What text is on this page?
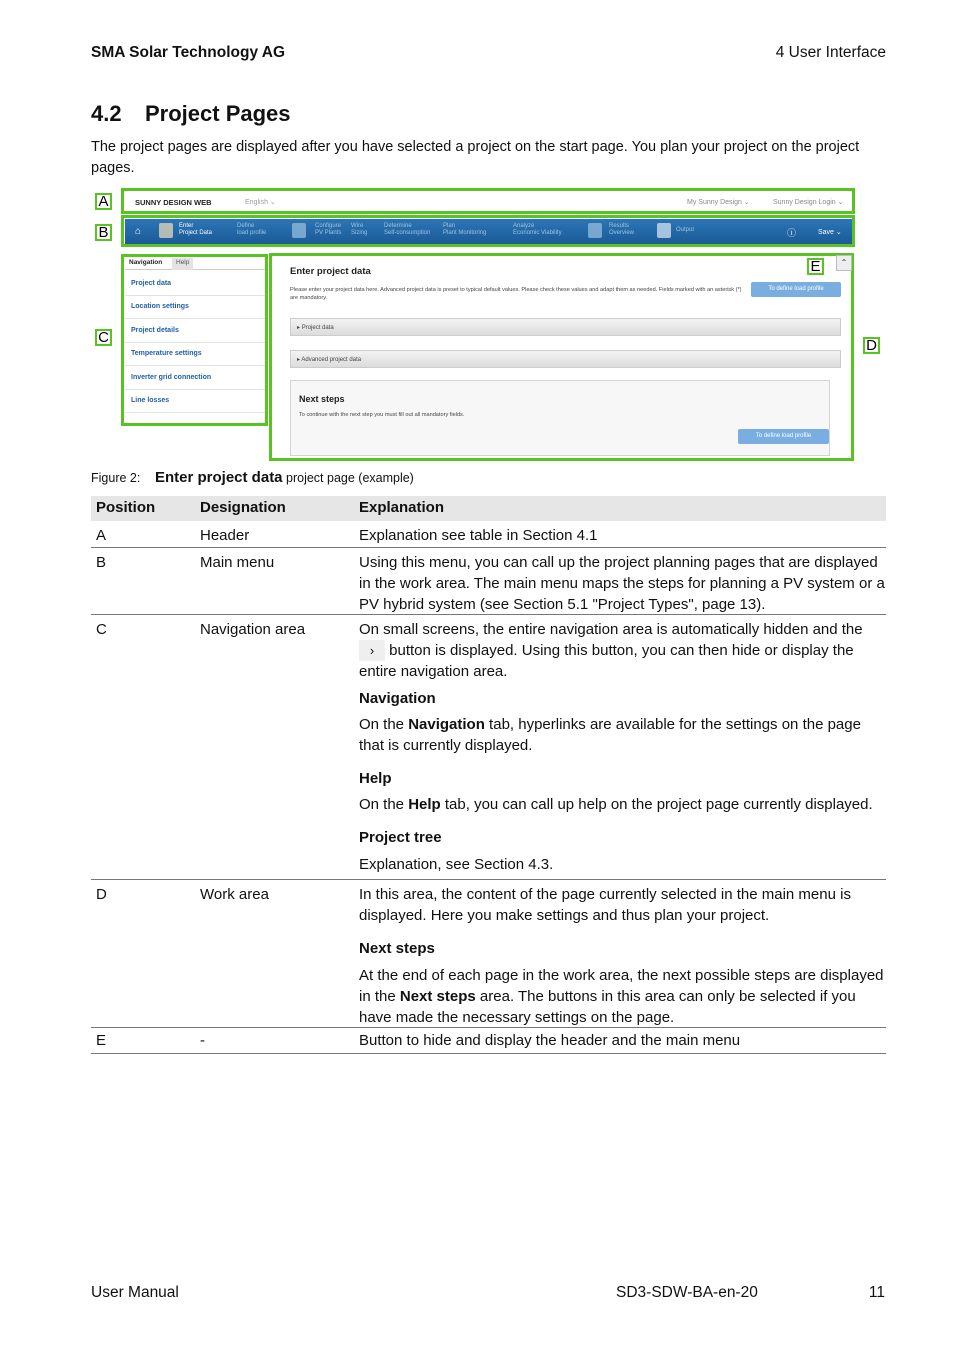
SMA Solar Technology AG	4 User Interface
4.2 Project Pages
The project pages are displayed after you have selected a project on the start page. You plan your project on the project pages.
SUNNY DESIGN WEB	English ⌄	My Sunny Design ⌄	Sunny Design Login ⌄
A
⌂	Enter
Project Data
Define
load profile
Configure
PV Plants
Wire
Sizing
Determine
Self-consumption
Plan
Plant Monitoring
Analyze
Economic Viability
Results
Overview	Output	ⓘ	Save ⌄
B
Navigation	Help
Project data
Location settings
Project details
Temperature settings
Inverter grid connection
Line losses
C
Enter project data
Please enter your project data here. Advanced project data is preset to typical default values. Please check these values and adapt them as needed. Fields marked with an asterisk (*) are mandatory.
To define load profile
▸ Project data
▸ Advanced project data
Next steps
To continue with the next step you must fill out all mandatory fields.
To define load profile
D
⌃
E
Figure 2: Enter project data project page (example)
Position	Designation	Explanation
A	Header	Explanation see table in Section 4.1
B	Main menu	Using this menu, you can call up the project planning pages that are displayed in the work area. The main menu maps the steps for planning a PV system or a PV hybrid system (see Section 5.1 "Project Types", page 13).
C	Navigation area	On small screens, the entire navigation area is automatically hidden and the › button is displayed. Using this button, you can then hide or display the entire navigation area.

Navigation

On the Navigation tab, hyperlinks are available for the settings on the page that is currently displayed.

Help

On the Help tab, you can call up help on the project page currently displayed.

Project tree

Explanation, see Section 4.3.

D	Work area	In this area, the content of the page currently selected in the main menu is displayed. Here you make settings and thus plan your project.

Next steps

At the end of each page in the work area, the next possible steps are displayed in the Next steps area. The buttons in this area can only be selected if you have made the necessary settings on the page.

E	-	Button to hide and display the header and the main menu
User Manual	SD3-SDW-BA-en-20	11
